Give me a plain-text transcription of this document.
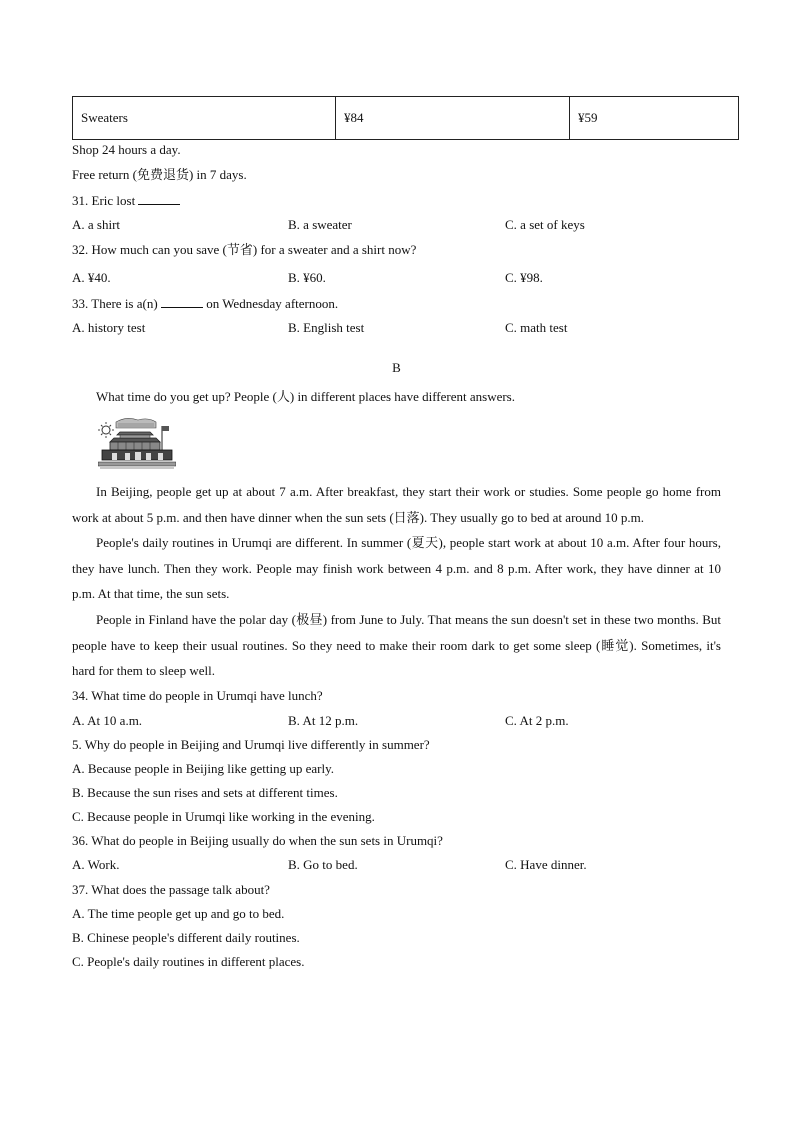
Sweaters	¥84	¥59
Shop 24 hours a day.
Free return (免费退货) in 7 days.
31. Eric lost
A. a shirt	B. a sweater	C. a set of keys
32. How much can you save (节省) for a sweater and a shirt now?
A. ¥40.	B. ¥60.	C. ¥98.
33. There is a(n)	on Wednesday afternoon.
A. history test	B. English test	C. math test
B
What time do you get up? People (人) in different places have different answers.
In Beijing, people get up at about 7 a.m. After breakfast, they start their work or studies. Some people go home from work at about 5 p.m. and then have dinner when the sun sets (日落). They usually go to bed at around 10 p.m.
People's daily routines in Urumqi are different. In summer (夏天), people start work at about 10 a.m. After four hours, they have lunch. Then they work. People may finish work between 4 p.m. and 8 p.m. After work, they have dinner at 10 p.m. At that time, the sun sets.
People in Finland have the polar day (极昼) from June to July. That means the sun doesn't set in these two months. But people have to keep their usual routines. So they need to make their room dark to get some sleep (睡觉). Sometimes, it's hard for them to sleep well.
34. What time do people in Urumqi have lunch?
A. At 10 a.m.	B. At 12 p.m.	C. At 2 p.m.
5. Why do people in Beijing and Urumqi live differently in summer?
A. Because people in Beijing like getting up early.
B. Because the sun rises and sets at different times.
C. Because people in Urumqi like working in the evening.
36. What do people in Beijing usually do when the sun sets in Urumqi?
A. Work.	B. Go to bed.	C. Have dinner.
37. What does the passage talk about?
A. The time people get up and go to bed.
B. Chinese people's different daily routines.
C. People's daily routines in different places.
